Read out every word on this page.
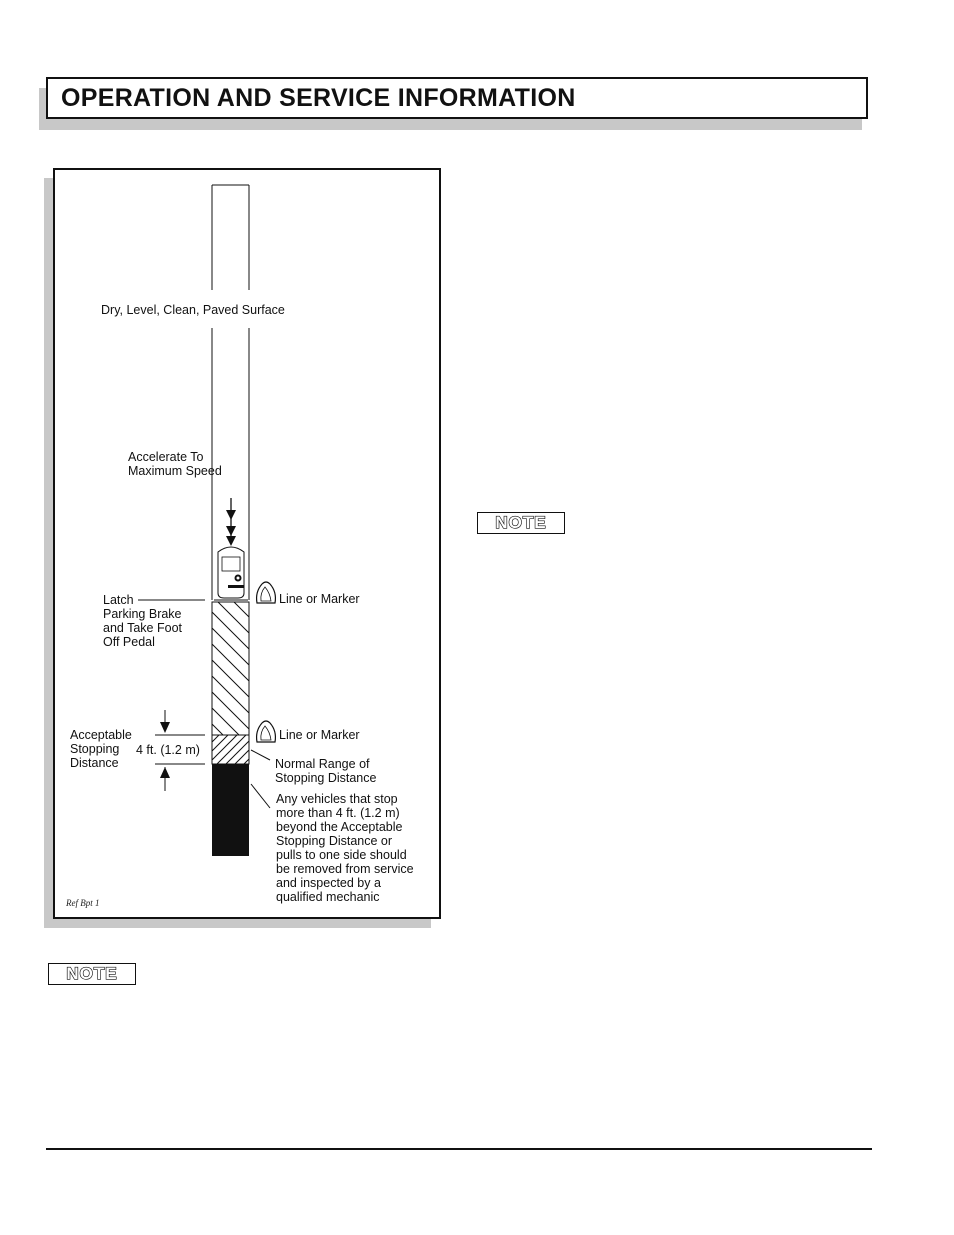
OPERATION AND SERVICE INFORMATION
Dry, Level, Clean, Paved Surface
Accelerate To
Maximum Speed
Latch
Parking Brake
and Take Foot
Off Pedal
Line or Marker
Line or Marker
Acceptable
Stopping
Distance
4 ft. (1.2 m)
Normal Range of
Stopping Distance
Any vehicles that stop
more than 4 ft. (1.2 m)
beyond the Acceptable
Stopping Distance or
pulls to one side should
be removed from service
and inspected by a
qualified mechanic
Ref Bpt 1
NOTE
NOTE
